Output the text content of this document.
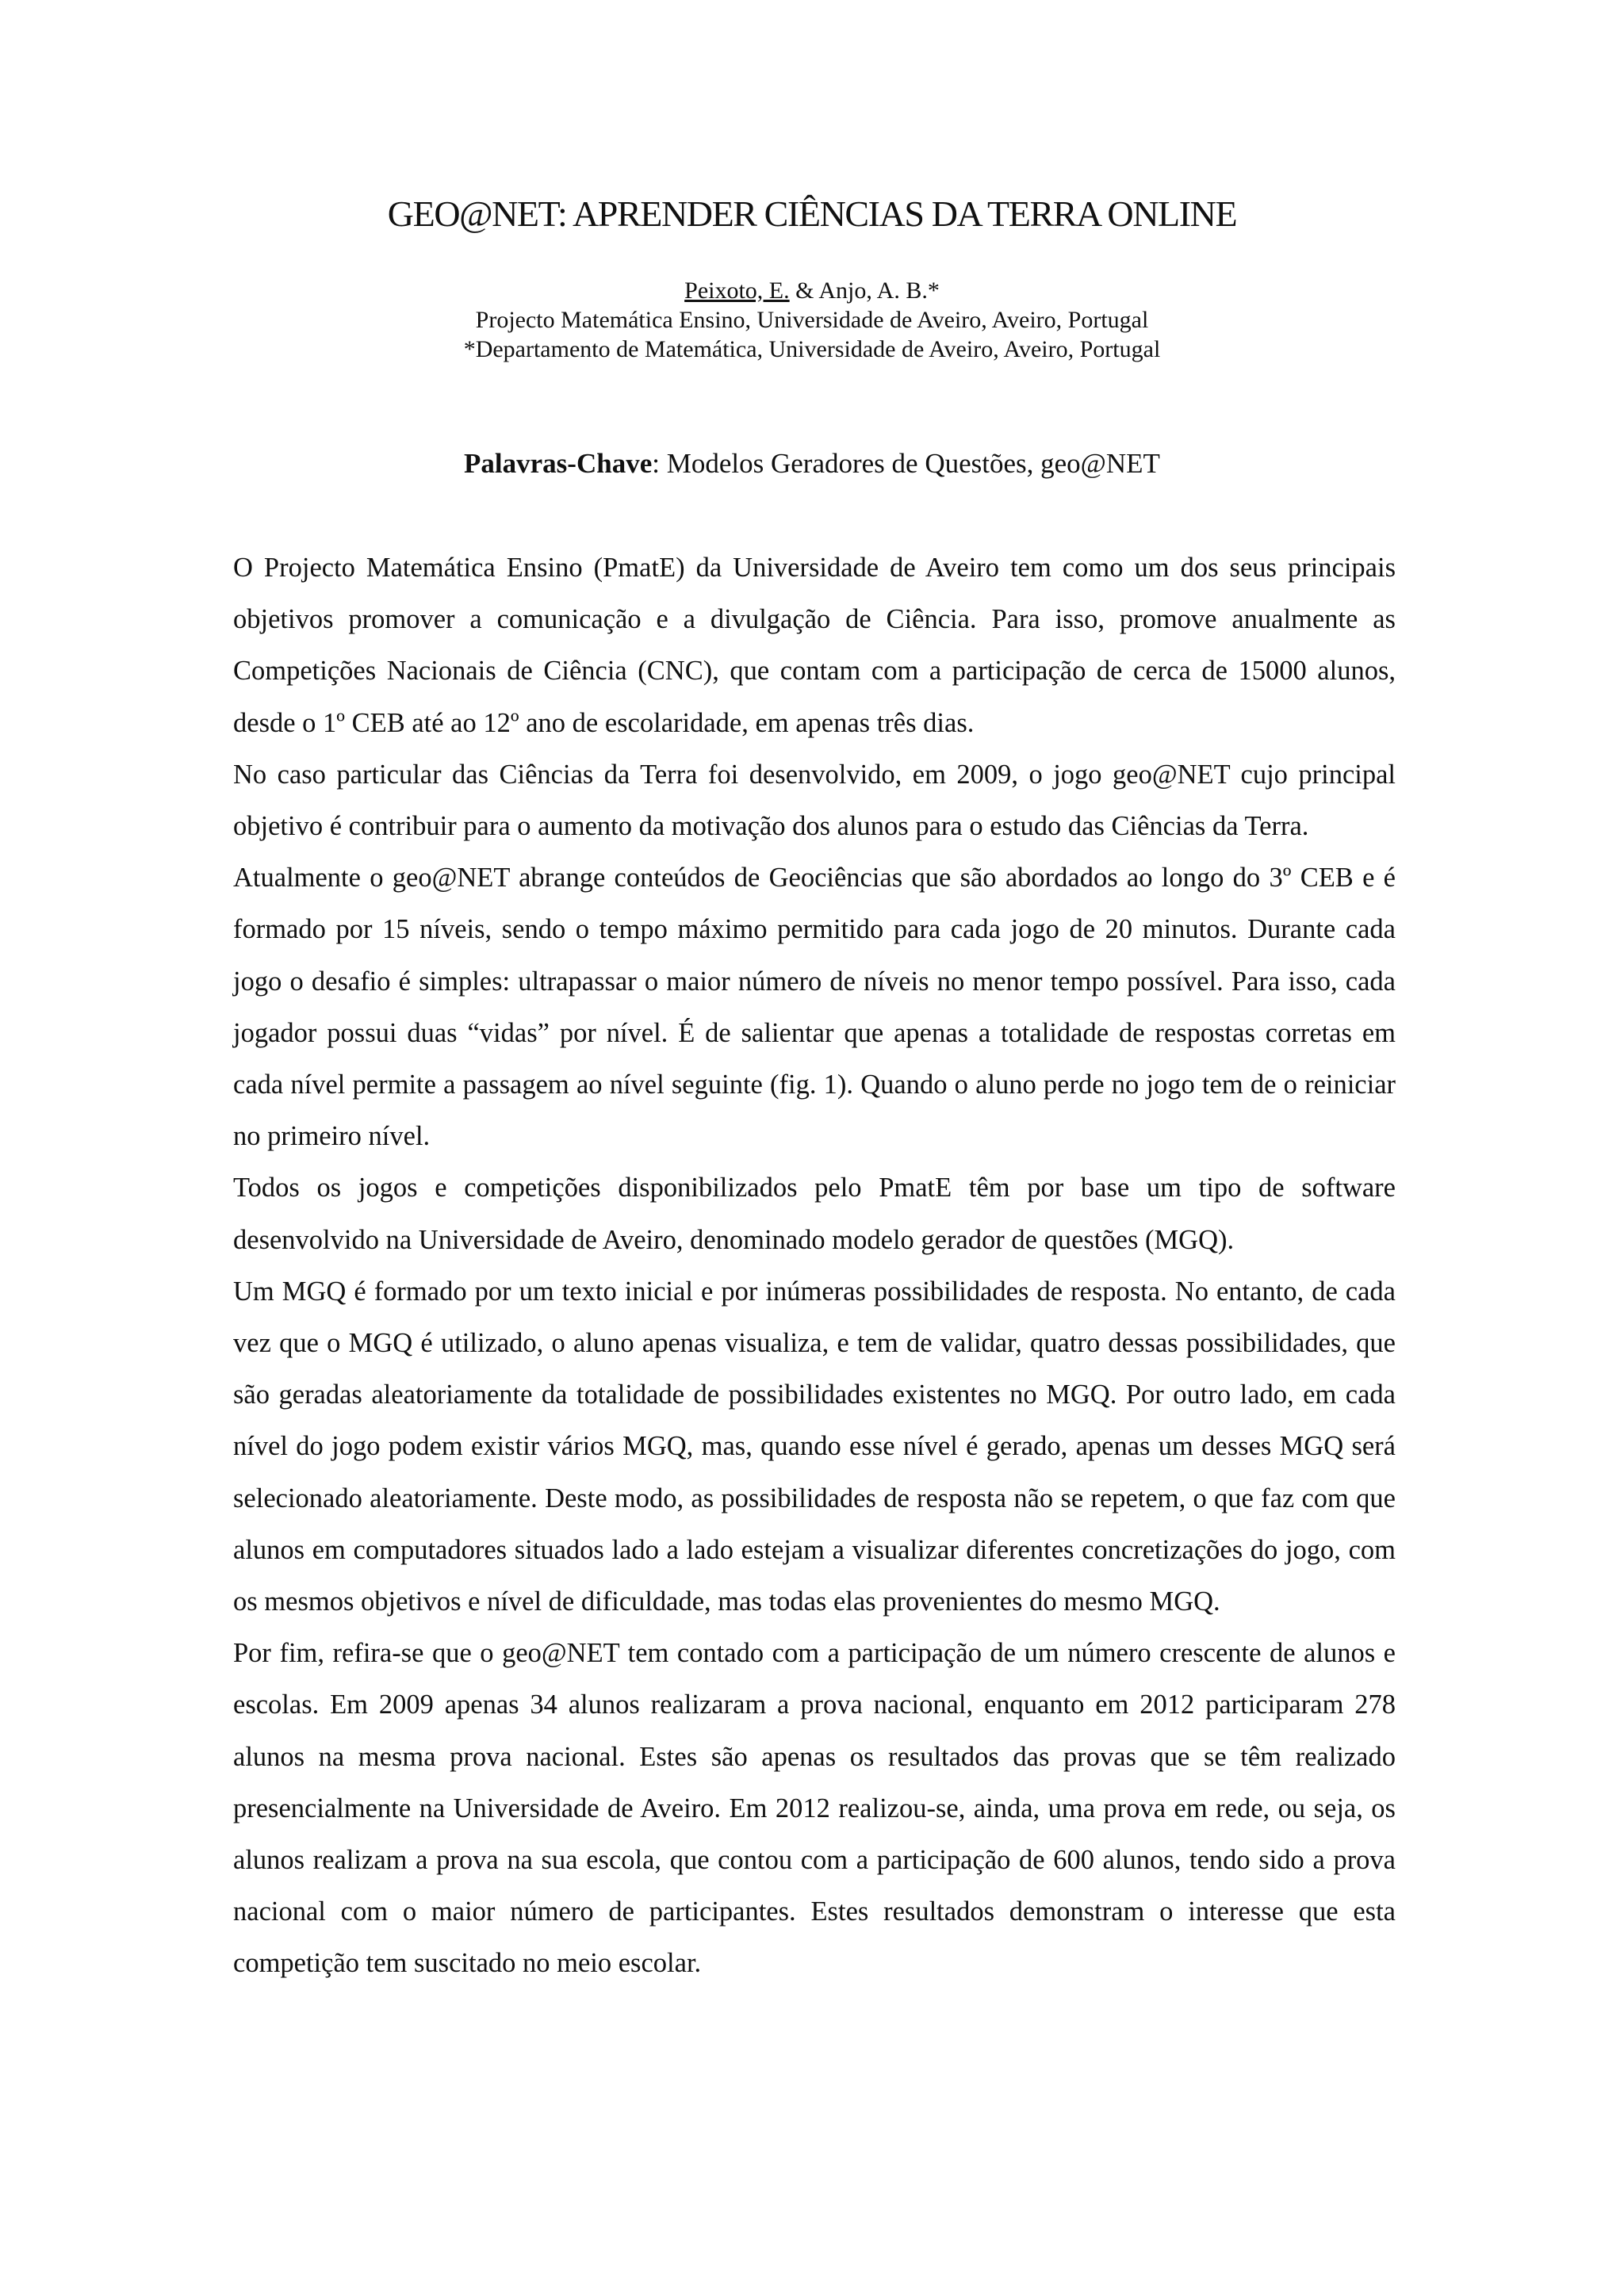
GEO@NET: APRENDER CIÊNCIAS DA TERRA ONLINE
Peixoto, E. & Anjo, A. B.*
Projecto Matemática Ensino, Universidade de Aveiro, Aveiro, Portugal
*Departamento de Matemática, Universidade de Aveiro, Aveiro, Portugal
Palavras-Chave: Modelos Geradores de Questões, geo@NET

O Projecto Matemática Ensino (PmatE) da Universidade de Aveiro tem como um dos seus principais objetivos promover a comunicação e a divulgação de Ciência. Para isso, promove anualmente as Competições Nacionais de Ciência (CNC), que contam com a participação de cerca de 15000 alunos, desde o 1º CEB até ao 12º ano de escolaridade, em apenas três dias.

No caso particular das Ciências da Terra foi desenvolvido, em 2009, o jogo geo@NET cujo principal objetivo é contribuir para o aumento da motivação dos alunos para o estudo das Ciências da Terra.

Atualmente o geo@NET abrange conteúdos de Geociências que são abordados ao longo do 3º CEB e é formado por 15 níveis, sendo o tempo máximo permitido para cada jogo de 20 minutos. Durante cada jogo o desafio é simples: ultrapassar o maior número de níveis no menor tempo possível. Para isso, cada jogador possui duas “vidas” por nível. É de salientar que apenas a totalidade de respostas corretas em cada nível permite a passagem ao nível seguinte (fig. 1). Quando o aluno perde no jogo tem de o reiniciar no primeiro nível.

Todos os jogos e competições disponibilizados pelo PmatE têm por base um tipo de software desenvolvido na Universidade de Aveiro, denominado modelo gerador de questões (MGQ).

Um MGQ é formado por um texto inicial e por inúmeras possibilidades de resposta. No entanto, de cada vez que o MGQ é utilizado, o aluno apenas visualiza, e tem de validar, quatro dessas possibilidades, que são geradas aleatoriamente da totalidade de possibilidades existentes no MGQ. Por outro lado, em cada nível do jogo podem existir vários MGQ, mas, quando esse nível é gerado, apenas um desses MGQ será selecionado aleatoriamente. Deste modo, as possibilidades de resposta não se repetem, o que faz com que alunos em computadores situados lado a lado estejam a visualizar diferentes concretizações do jogo, com os mesmos objetivos e nível de dificuldade, mas todas elas provenientes do mesmo MGQ.

Por fim, refira-se que o geo@NET tem contado com a participação de um número crescente de alunos e escolas. Em 2009 apenas 34 alunos realizaram a prova nacional, enquanto em 2012 participaram 278 alunos na mesma prova nacional. Estes são apenas os resultados das provas que se têm realizado presencialmente na Universidade de Aveiro. Em 2012 realizou-se, ainda, uma prova em rede, ou seja, os alunos realizam a prova na sua escola, que contou com a participação de 600 alunos, tendo sido a prova nacional com o maior número de participantes. Estes resultados demonstram o interesse que esta competição tem suscitado no meio escolar.
